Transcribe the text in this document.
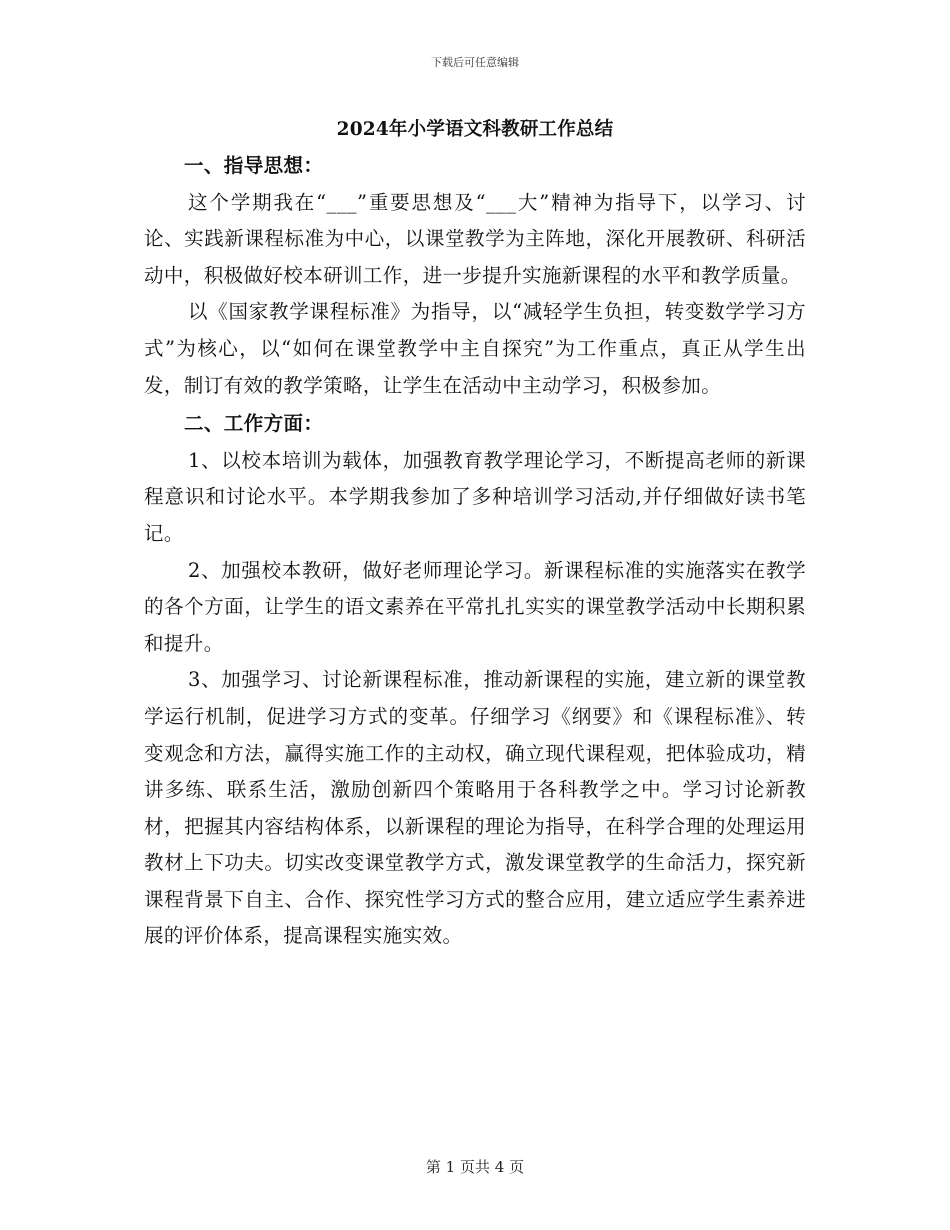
下载后可任意编辑
2024年小学语文科教研工作总结

一、指导思想：

这个学期我在“___”重要思想及“___大”精神为指导下，以学习、讨论、实践新课程标准为中心，以课堂教学为主阵地，深化开展教研、科研活动中，积极做好校本研训工作，进一步提升实施新课程的水平和教学质量。

以《国家教学课程标准》为指导，以“减轻学生负担，转变数学学习方式”为核心，以“如何在课堂教学中主自探究”为工作重点，真正从学生出发，制订有效的教学策略，让学生在活动中主动学习，积极参加。

二、工作方面：

1、以校本培训为载体，加强教育教学理论学习，不断提高老师的新课程意识和讨论水平。本学期我参加了多种培训学习活动,并仔细做好读书笔记。

2、加强校本教研，做好老师理论学习。新课程标准的实施落实在教学的各个方面，让学生的语文素养在平常扎扎实实的课堂教学活动中长期积累和提升。

3、加强学习、讨论新课程标准，推动新课程的实施，建立新的课堂教学运行机制，促进学习方式的变革。仔细学习《纲要》和《课程标准》、转变观念和方法，赢得实施工作的主动权，确立现代课程观，把体验成功，精讲多练、联系生活，激励创新四个策略用于各科教学之中。学习讨论新教材，把握其内容结构体系，以新课程的理论为指导，在科学合理的处理运用教材上下功夫。切实改变课堂教学方式，激发课堂教学的生命活力，探究新课程背景下自主、合作、探究性学习方式的整合应用，建立适应学生素养进展的评价体系，提高课程实施实效。

第 1 页共 4 页
